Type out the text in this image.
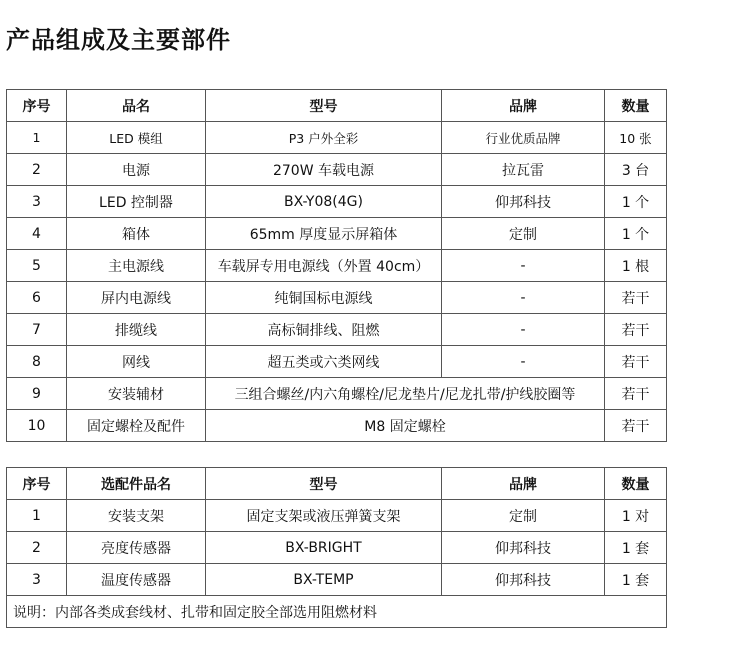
产品组成及主要部件
序号	品名	型号	品牌	数量
1	LED 模组	P3 户外全彩	行业优质品牌	10 张
2	电源	270W 车载电源	拉瓦雷	3 台
3	LED 控制器	BX-Y08(4G)	仰邦科技	1 个
4	箱体	65mm 厚度显示屏箱体	定制	1 个
5	主电源线	车载屏专用电源线（外置 40cm）	-	1 根
6	屏内电源线	纯铜国标电源线	-	若干
7	排缆线	高标铜排线、阻燃	-	若干
8	网线	超五类或六类网线	-	若干
9	安装辅材	三组合螺丝/内六角螺栓/尼龙垫片/尼龙扎带/护线胶圈等		若干
10	固定螺栓及配件	M8 固定螺栓		若干
序号	选配件品名	型号	品牌	数量
1	安装支架	固定支架或液压弹簧支架	定制	1 对
2	亮度传感器	BX-BRIGHT	仰邦科技	1 套
3	温度传感器	BX-TEMP	仰邦科技	1 套
说明：内部各类成套线材、扎带和固定胶全部选用阻燃材料				
